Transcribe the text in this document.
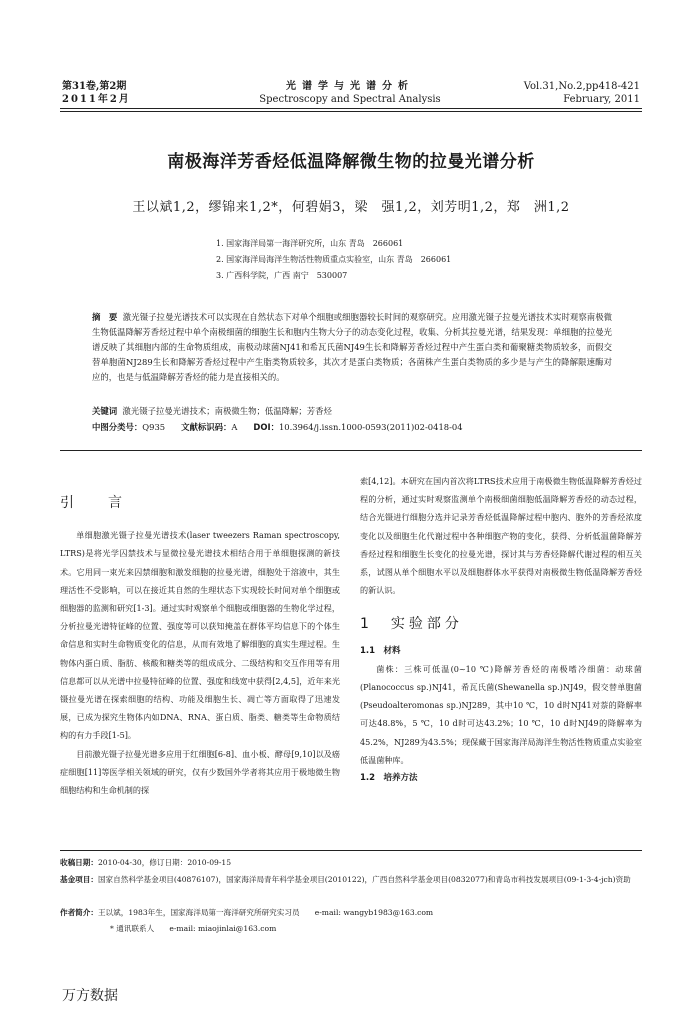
第31卷,第2期
2011年2月
光谱学与光谱分析
Spectroscopy and Spectral Analysis
Vol.31,No.2,pp418-421
February, 2011
南极海洋芳香烃低温降解微生物的拉曼光谱分析
王以斌1,2，缪锦来1,2*，何碧娟3，梁　强1,2，刘芳明1,2，郑　洲1,2
1. 国家海洋局第一海洋研究所，山东 青岛　266061
2. 国家海洋局海洋生物活性物质重点实验室，山东 青岛　266061
3. 广西科学院，广西 南宁　530007
摘　要 激光镊子拉曼光谱技术可以实现在自然状态下对单个细胞或细胞器较长时间的观察研究。应用激光镊子拉曼光谱技术实时观察南极微生物低温降解芳香烃过程中单个南极细菌的细胞生长和胞内生物大分子的动态变化过程，收集、分析其拉曼光谱，结果发现：单细胞的拉曼光谱反映了其细胞内部的生命物质组成，南极动球菌NJ41和希瓦氏菌NJ49生长和降解芳香烃过程中产生蛋白类和葡聚糖类物质较多，而假交替单胞菌NJ289生长和降解芳香烃过程中产生脂类物质较多，其次才是蛋白类物质；各菌株产生蛋白类物质的多少是与产生的降解限速酶对应的，也是与低温降解芳香烃的能力是直接相关的。
关键词 激光镊子拉曼光谱技术；南极微生物；低温降解；芳香烃
中图分类号：Q935 文献标识码：A DOI：10.3964/j.issn.1000-0593(2011)02-0418-04
引　言
单细胞激光镊子拉曼光谱技术(laser tweezers Raman spectroscopy, LTRS)是将光学囚禁技术与显微拉曼光谱技术相结合用于单细胞探测的新技术。它用同一束光来囚禁细胞和激发细胞的拉曼光谱，细胞处于溶液中，其生理活性不受影响，可以在接近其自然的生理状态下实现较长时间对单个细胞或细胞器的监测和研究[1-3]。通过实时观察单个细胞或细胞器的生物化学过程，分析拉曼光谱特征峰的位置、强度等可以获知掩盖在群体平均信息下的个体生命信息和实时生命物质变化的信息，从而有效地了解细胞的真实生理过程。生物体内蛋白质、脂肪、核酸和糖类等的组成成分、二级结构和交互作用等有用信息都可以从光谱中拉曼特征峰的位置、强度和线宽中获得[2,4,5]，近年来光镊拉曼光谱在探索细胞的结构、功能及细胞生长、凋亡等方面取得了迅速发展，已成为探究生物体内如DNA、RNA、蛋白质、脂类、糖类等生命物质结构的有力手段[1-5]。
目前激光镊子拉曼光谱多应用于红细胞[6-8]、血小板、酵母[9,10]以及癌症细胞[11]等医学相关领域的研究，仅有少数国外学者将其应用于极地微生物细胞结构和生命机制的探
索[4,12]。本研究在国内首次将LTRS技术应用于南极微生物低温降解芳香烃过程的分析，通过实时观察监测单个南极细菌细胞低温降解芳香烃的动态过程，结合光镊进行细胞分选并记录芳香烃低温降解过程中胞内、胞外的芳香烃浓度变化以及细胞生化代谢过程中各种细胞产物的变化，获得、分析低温菌降解芳香烃过程和细胞生长变化的拉曼光谱，探讨其与芳香烃降解代谢过程的相互关系，试图从单个细胞水平以及细胞群体水平获得对南极微生物低温降解芳香烃的新认识。
1　实验部分
1.1　材料
菌株：三株可低温(0~10 ℃)降解芳香烃的南极嗜冷细菌：动球菌(Planococcus sp.)NJ41，希瓦氏菌(Shewanella sp.)NJ49，假交替单胞菌(Pseudoalteromonas sp.)NJ289，其中10 ℃，10 d时NJ41对萘的降解率可达48.8%，5 ℃，10 d时可达43.2%；10 ℃，10 d时NJ49的降解率为45.2%，NJ289为43.5%；现保藏于国家海洋局海洋生物活性物质重点实验室低温菌种库。
1.2　培养方法
收稿日期：2010-04-30，修订日期：2010-09-15
基金项目：国家自然科学基金项目(40876107)，国家海洋局青年科学基金项目(2010122)，广西自然科学基金项目(0832077)和青岛市科技发展项目(09-1-3-4-jch)资助
作者简介：王以斌，1983年生，国家海洋局第一海洋研究所研究实习员　　e-mail: wangyb1983@163.com
* 通讯联系人　　e-mail: miaojinlai@163.com
万方数据
